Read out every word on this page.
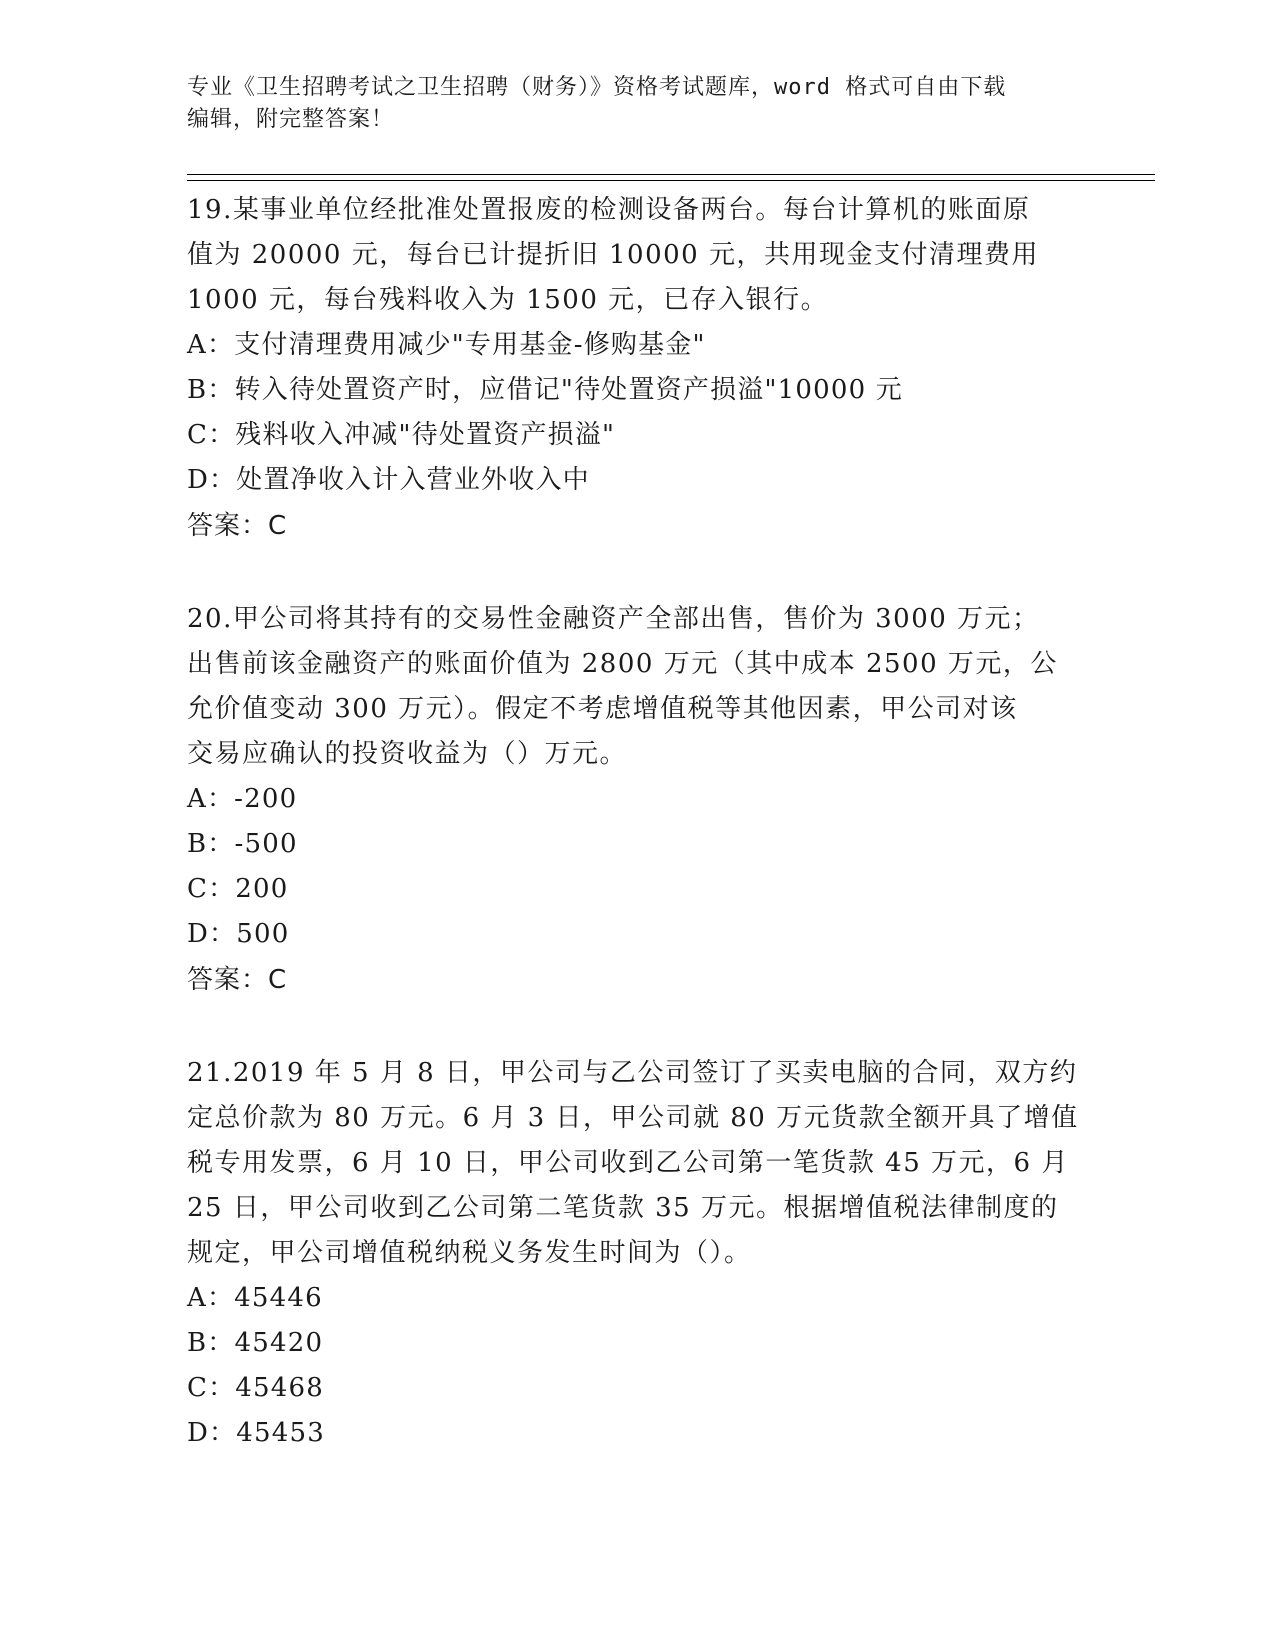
专业《卫生招聘考试之卫生招聘（财务）》资格考试题库，word 格式可自由下载
编辑，附完整答案！

19.某事业单位经批准处置报废的检测设备两台。每台计算机的账面原

值为 20000 元，每台已计提折旧 10000 元，共用现金支付清理费用

1000 元，每台残料收入为 1500 元，已存入银行。

A：支付清理费用减少"专用基金-修购基金"

B：转入待处置资产时，应借记"待处置资产损溢"10000 元

C：残料收入冲减"待处置资产损溢"

D：处置净收入计入营业外收入中

答案：C

20.甲公司将其持有的交易性金融资产全部出售，售价为 3000 万元；

出售前该金融资产的账面价值为 2800 万元（其中成本 2500 万元，公

允价值变动 300 万元）。假定不考虑增值税等其他因素，甲公司对该

交易应确认的投资收益为（）万元。

A：-200

B：-500

C：200

D：500

答案：C

21.2019 年 5 月 8 日，甲公司与乙公司签订了买卖电脑的合同，双方约

定总价款为 80 万元。6 月 3 日，甲公司就 80 万元货款全额开具了增值

税专用发票，6 月 10 日，甲公司收到乙公司第一笔货款 45 万元，6 月

25 日，甲公司收到乙公司第二笔货款 35 万元。根据增值税法律制度的

规定，甲公司增值税纳税义务发生时间为（）。

A：45446

B：45420

C：45468

D：45453
